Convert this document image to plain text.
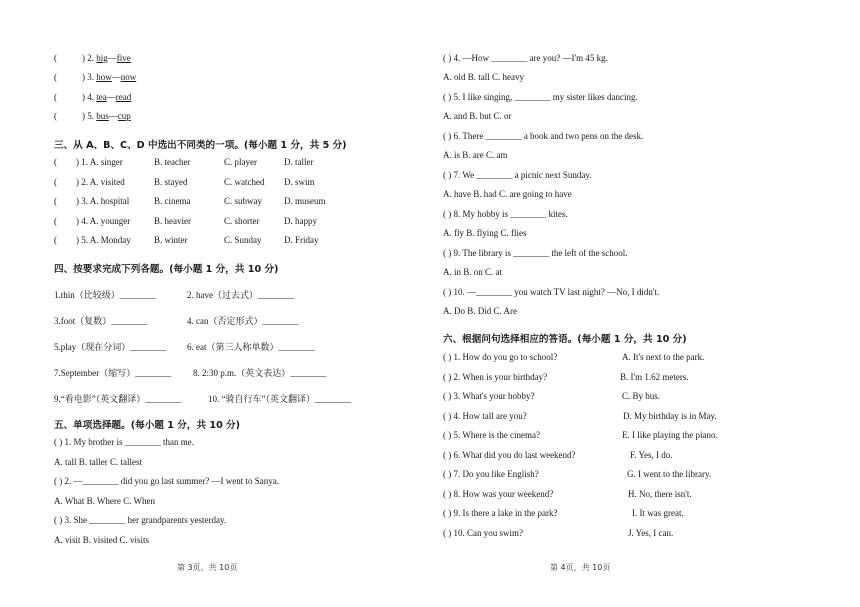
(	) 2. big—five
(	) 3. how—now
(	) 4. tea—read
(	) 5. bus—cup
三、从 A、B、C、D 中选出不同类的一项。(每小题 1 分，共 5 分)
( ) 1. A. singer	B. teacher	C. player	D. taller
( ) 2. A. visited	B. stayed	C. watched D. swim
( ) 3. A. hospital	B. cinema	C. subway D. museum
( ) 4. A. younger	B. heavier	C. shorter	D. happy
( ) 5. A. Monday	B. winter	C. Sunday D. Friday
四、按要求完成下列各题。(每小题 1 分，共 10 分)
1.thin（比较级）________	2. have（过去式）________
3.foot（复数）________	4. can（否定形式）________
5.play（现在分词）________ 6. eat（第三人称单数）________
7.September（缩写）________ 8. 2:30 p.m.（英文表达）________
9.“看电影”（英文翻译）________	10. “骑自行车”（英文翻译）________
五、单项选择题。(每小题 1 分，共 10 分)
( ) 1. My brother is ________ than me.
A. tall B. taller C. tallest
( ) 2. —________ did you go last summer? —I went to Sanya.
A. What B. Where C. When
( ) 3. She ________ her grandparents yesterday.
A. visit B. visited C. visits
第 3页，共 10页
( ) 4. —How ________ are you? —I'm 45 kg.
A. old B. tall C. heavy
( ) 5. I like singing, ________ my sister likes dancing.
A. and B. but C. or
( ) 6. There ________ a book and two pens on the desk.
A. is B. are C. am
( ) 7. We ________ a picnic next Sunday.
A. have B. had C. are going to have
( ) 8. My hobby is ________ kites.
A. fly B. flying C. flies
( ) 9. The library is ________ the left of the school.
A. in B. on C. at
( ) 10. —________ you watch TV last night? —No, I didn't.
A. Do B. Did C. Are
六、根据问句选择相应的答语。(每小题 1 分，共 10 分)
( ) 1. How do you go to school?	A. It's next to the park.
( ) 2. When is your birthday?	B. I'm 1.62 meters.
( ) 3. What's your hobby?	C. By bus.
( ) 4. How tall are you?	D. My birthday is in May.
( ) 5. Where is the cinema?	E. I like playing the piano.
( ) 6. What did you do last weekend?	F. Yes, I do.
( ) 7. Do you like English?	G. I went to the library.
( ) 8. How was your weekend?	H. No, there isn't.
( ) 9. Is there a lake in the park?	I. It was great.
( ) 10. Can you swim?	J. Yes, I can.
第 4页，共 10页
